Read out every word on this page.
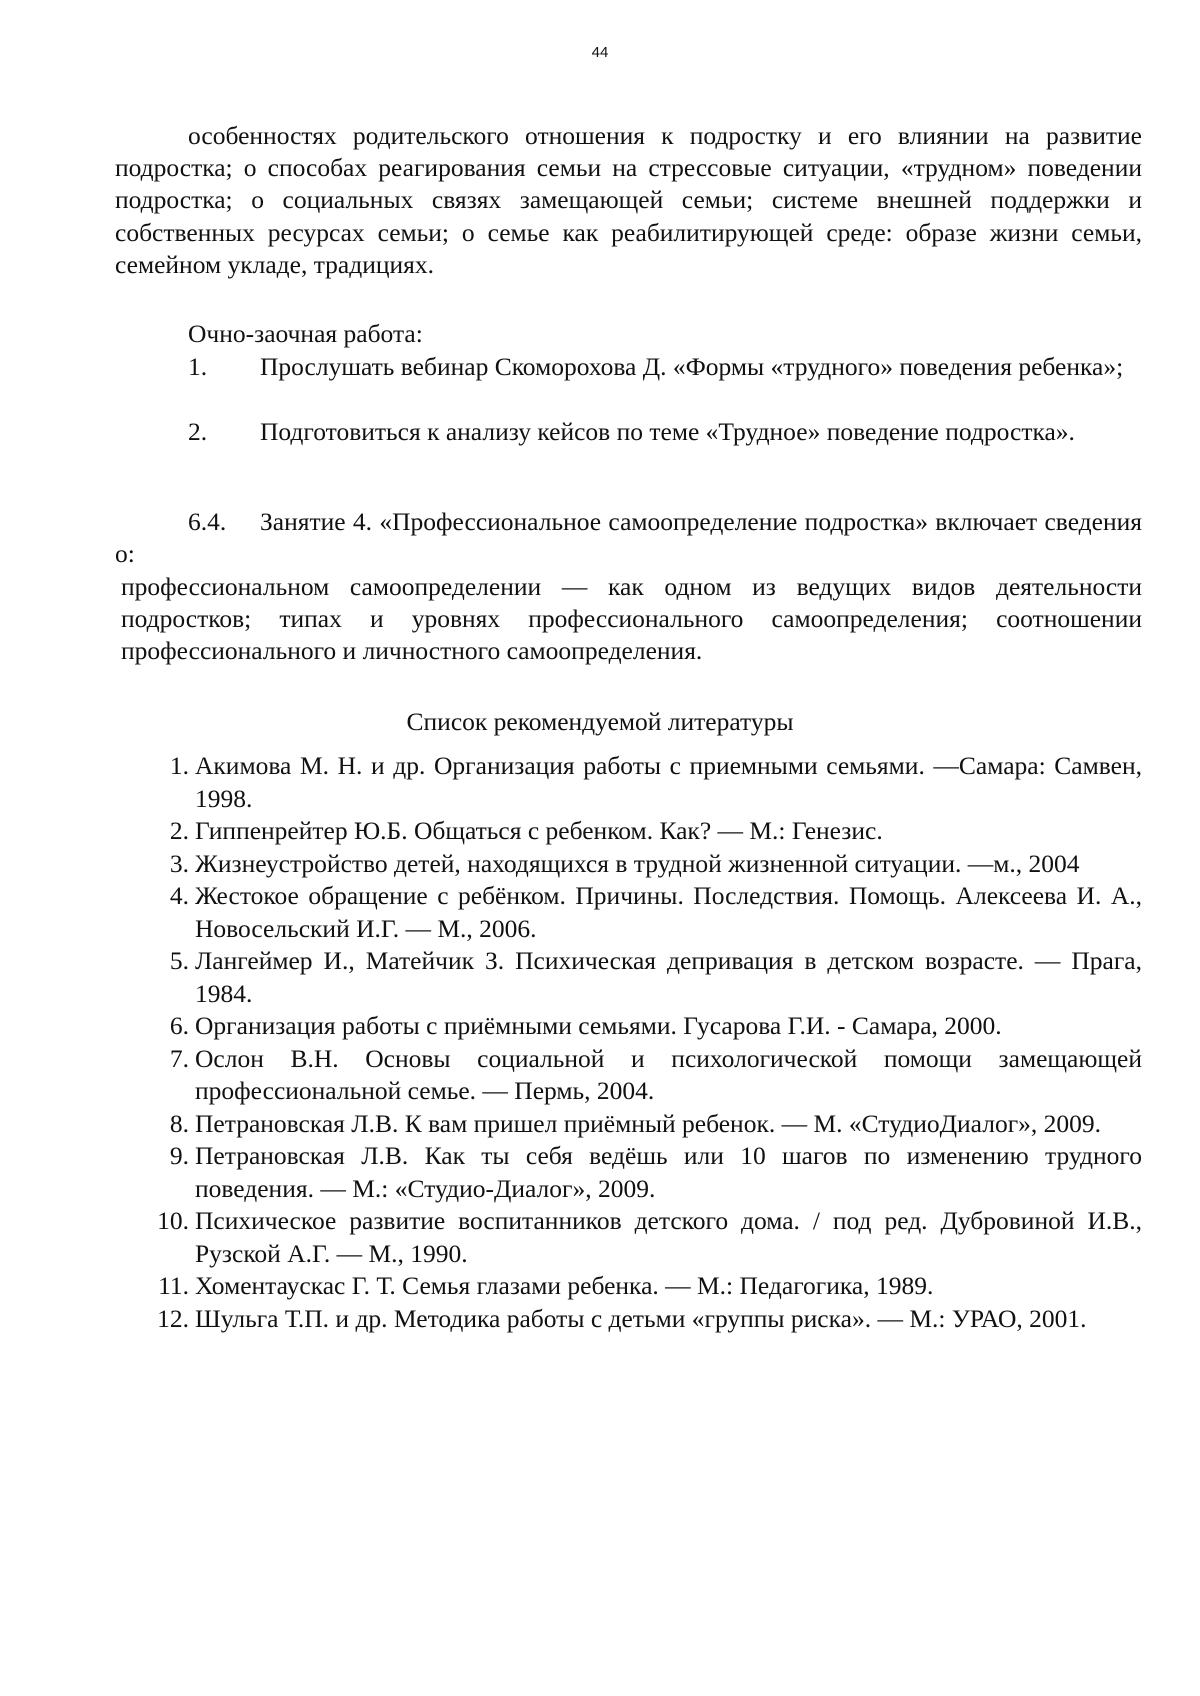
44

особенностях родительского отношения к подростку и его влиянии на развитие подростка; о способах реагирования семьи на стрессовые ситуации, «трудном» поведении подростка; о социальных связях замещающей семьи; системе внешней поддержки и собственных ресурсах семьи; о семье как реабилитирующей среде: образе жизни семьи, семейном укладе, традициях.

Очно-заочная работа:

1. Прослушать вебинар Скоморохова Д. «Формы «трудного» поведения ребенка»;

2. Подготовиться к анализу кейсов по теме «Трудное» поведение подростка».

6.4. Занятие 4. «Профессиональное самоопределение подростка» включает сведения о:

профессиональном самоопределении — как одном из ведущих видов деятельности подростков; типах и уровнях профессионального самоопределения; соотношении профессионального и личностного самоопределения.

Список рекомендуемой литературы
1. Акимова М. Н. и др. Организация работы с приемными семьями. —Самара: Самвен, 1998.
2. Гиппенрейтер Ю.Б. Общаться с ребенком. Как? — М.: Генезис.
3. Жизнеустройство детей, находящихся в трудной жизненной ситуации. —м., 2004
4. Жестокое обращение с ребёнком. Причины. Последствия. Помощь. Алексеева И. А., Новосельский И.Г. — М., 2006.
5. Лангеймер И., Матейчик З. Психическая депривация в детском возрасте. — Прага, 1984.
6. Организация работы с приёмными семьями. Гусарова Г.И. - Самара, 2000.
7. Ослон В.Н. Основы социальной и психологической помощи замещающей профессиональной семье. — Пермь, 2004.
8. Петрановская Л.В. К вам пришел приёмный ребенок. — М. «СтудиоДиалог», 2009.
9. Петрановская Л.В. Как ты себя ведёшь или 10 шагов по изменению трудного поведения. — М.: «Студио-Диалог», 2009.
10. Психическое развитие воспитанников детского дома. / под ред. Дубровиной И.В., Рузской А.Г. — М., 1990.
11. Хоментаускас Г. Т. Семья глазами ребенка. — М.: Педагогика, 1989.
12. Шульга Т.П. и др. Методика работы с детьми «группы риска». — М.: УРАО, 2001.
